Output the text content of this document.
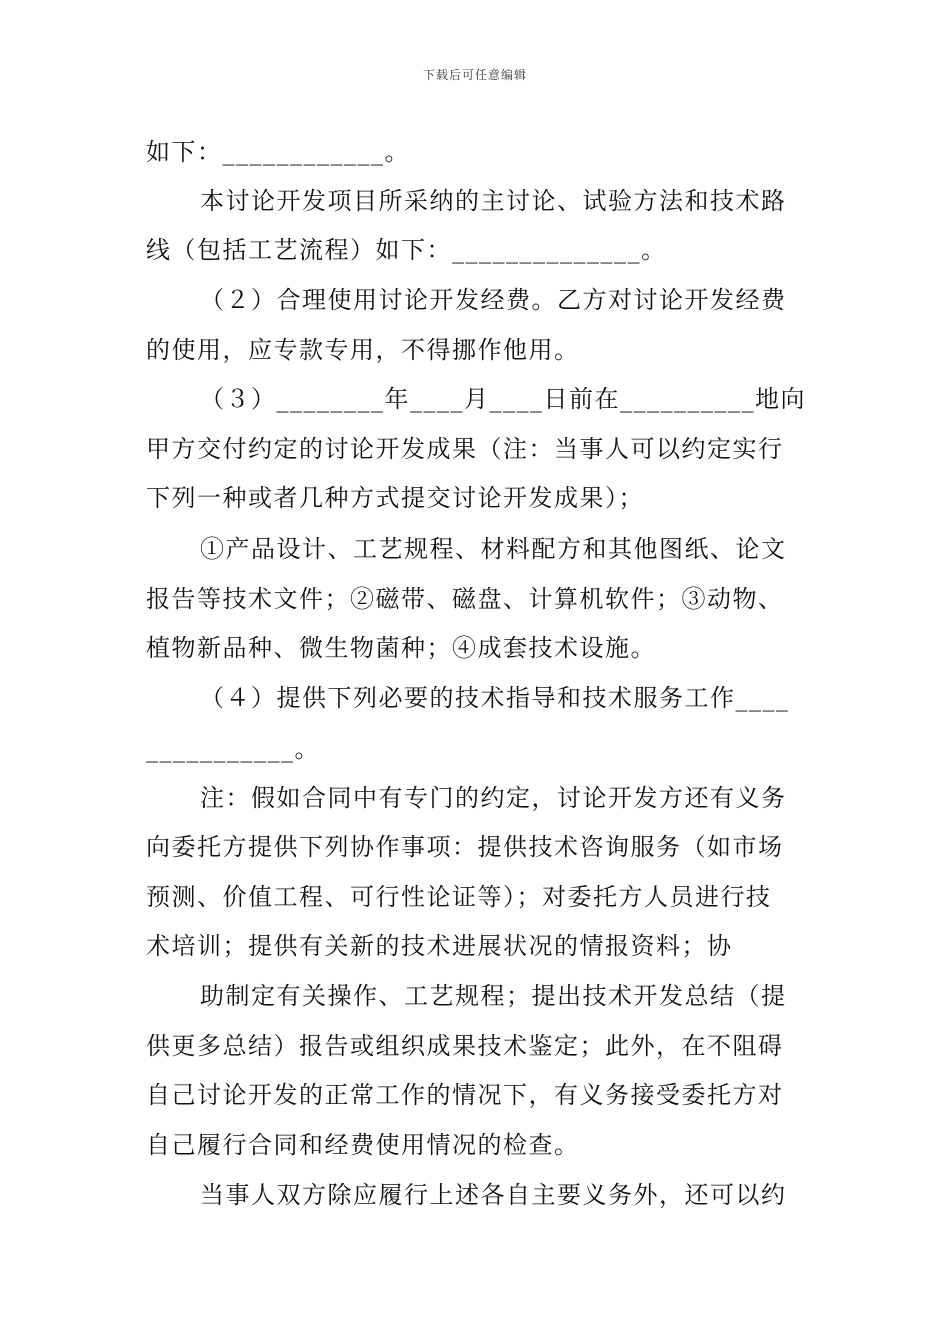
下载后可任意编辑
如下：____________。
本讨论开发项目所采纳的主讨论、试验方法和技术路
线（包括工艺流程）如下：______________。
（２）合理使用讨论开发经费。乙方对讨论开发经费
的使用，应专款专用，不得挪作他用。
（３）________年____月____日前在__________地向
甲方交付约定的讨论开发成果（注：当事人可以约定实行
下列一种或者几种方式提交讨论开发成果）；
①产品设计、工艺规程、材料配方和其他图纸、论文
报告等技术文件；②磁带、磁盘、计算机软件；③动物、
植物新品种、微生物菌种；④成套技术设施。
（４）提供下列必要的技术指导和技术服务工作____
___________。
注：假如合同中有专门的约定，讨论开发方还有义务
向委托方提供下列协作事项：提供技术咨询服务（如市场
预测、价值工程、可行性论证等）；对委托方人员进行技
术培训；提供有关新的技术进展状况的情报资料；协
助制定有关操作、工艺规程；提出技术开发总结（提
供更多总结）报告或组织成果技术鉴定；此外，在不阻碍
自己讨论开发的正常工作的情况下，有义务接受委托方对
自己履行合同和经费使用情况的检查。
当事人双方除应履行上述各自主要义务外，还可以约
